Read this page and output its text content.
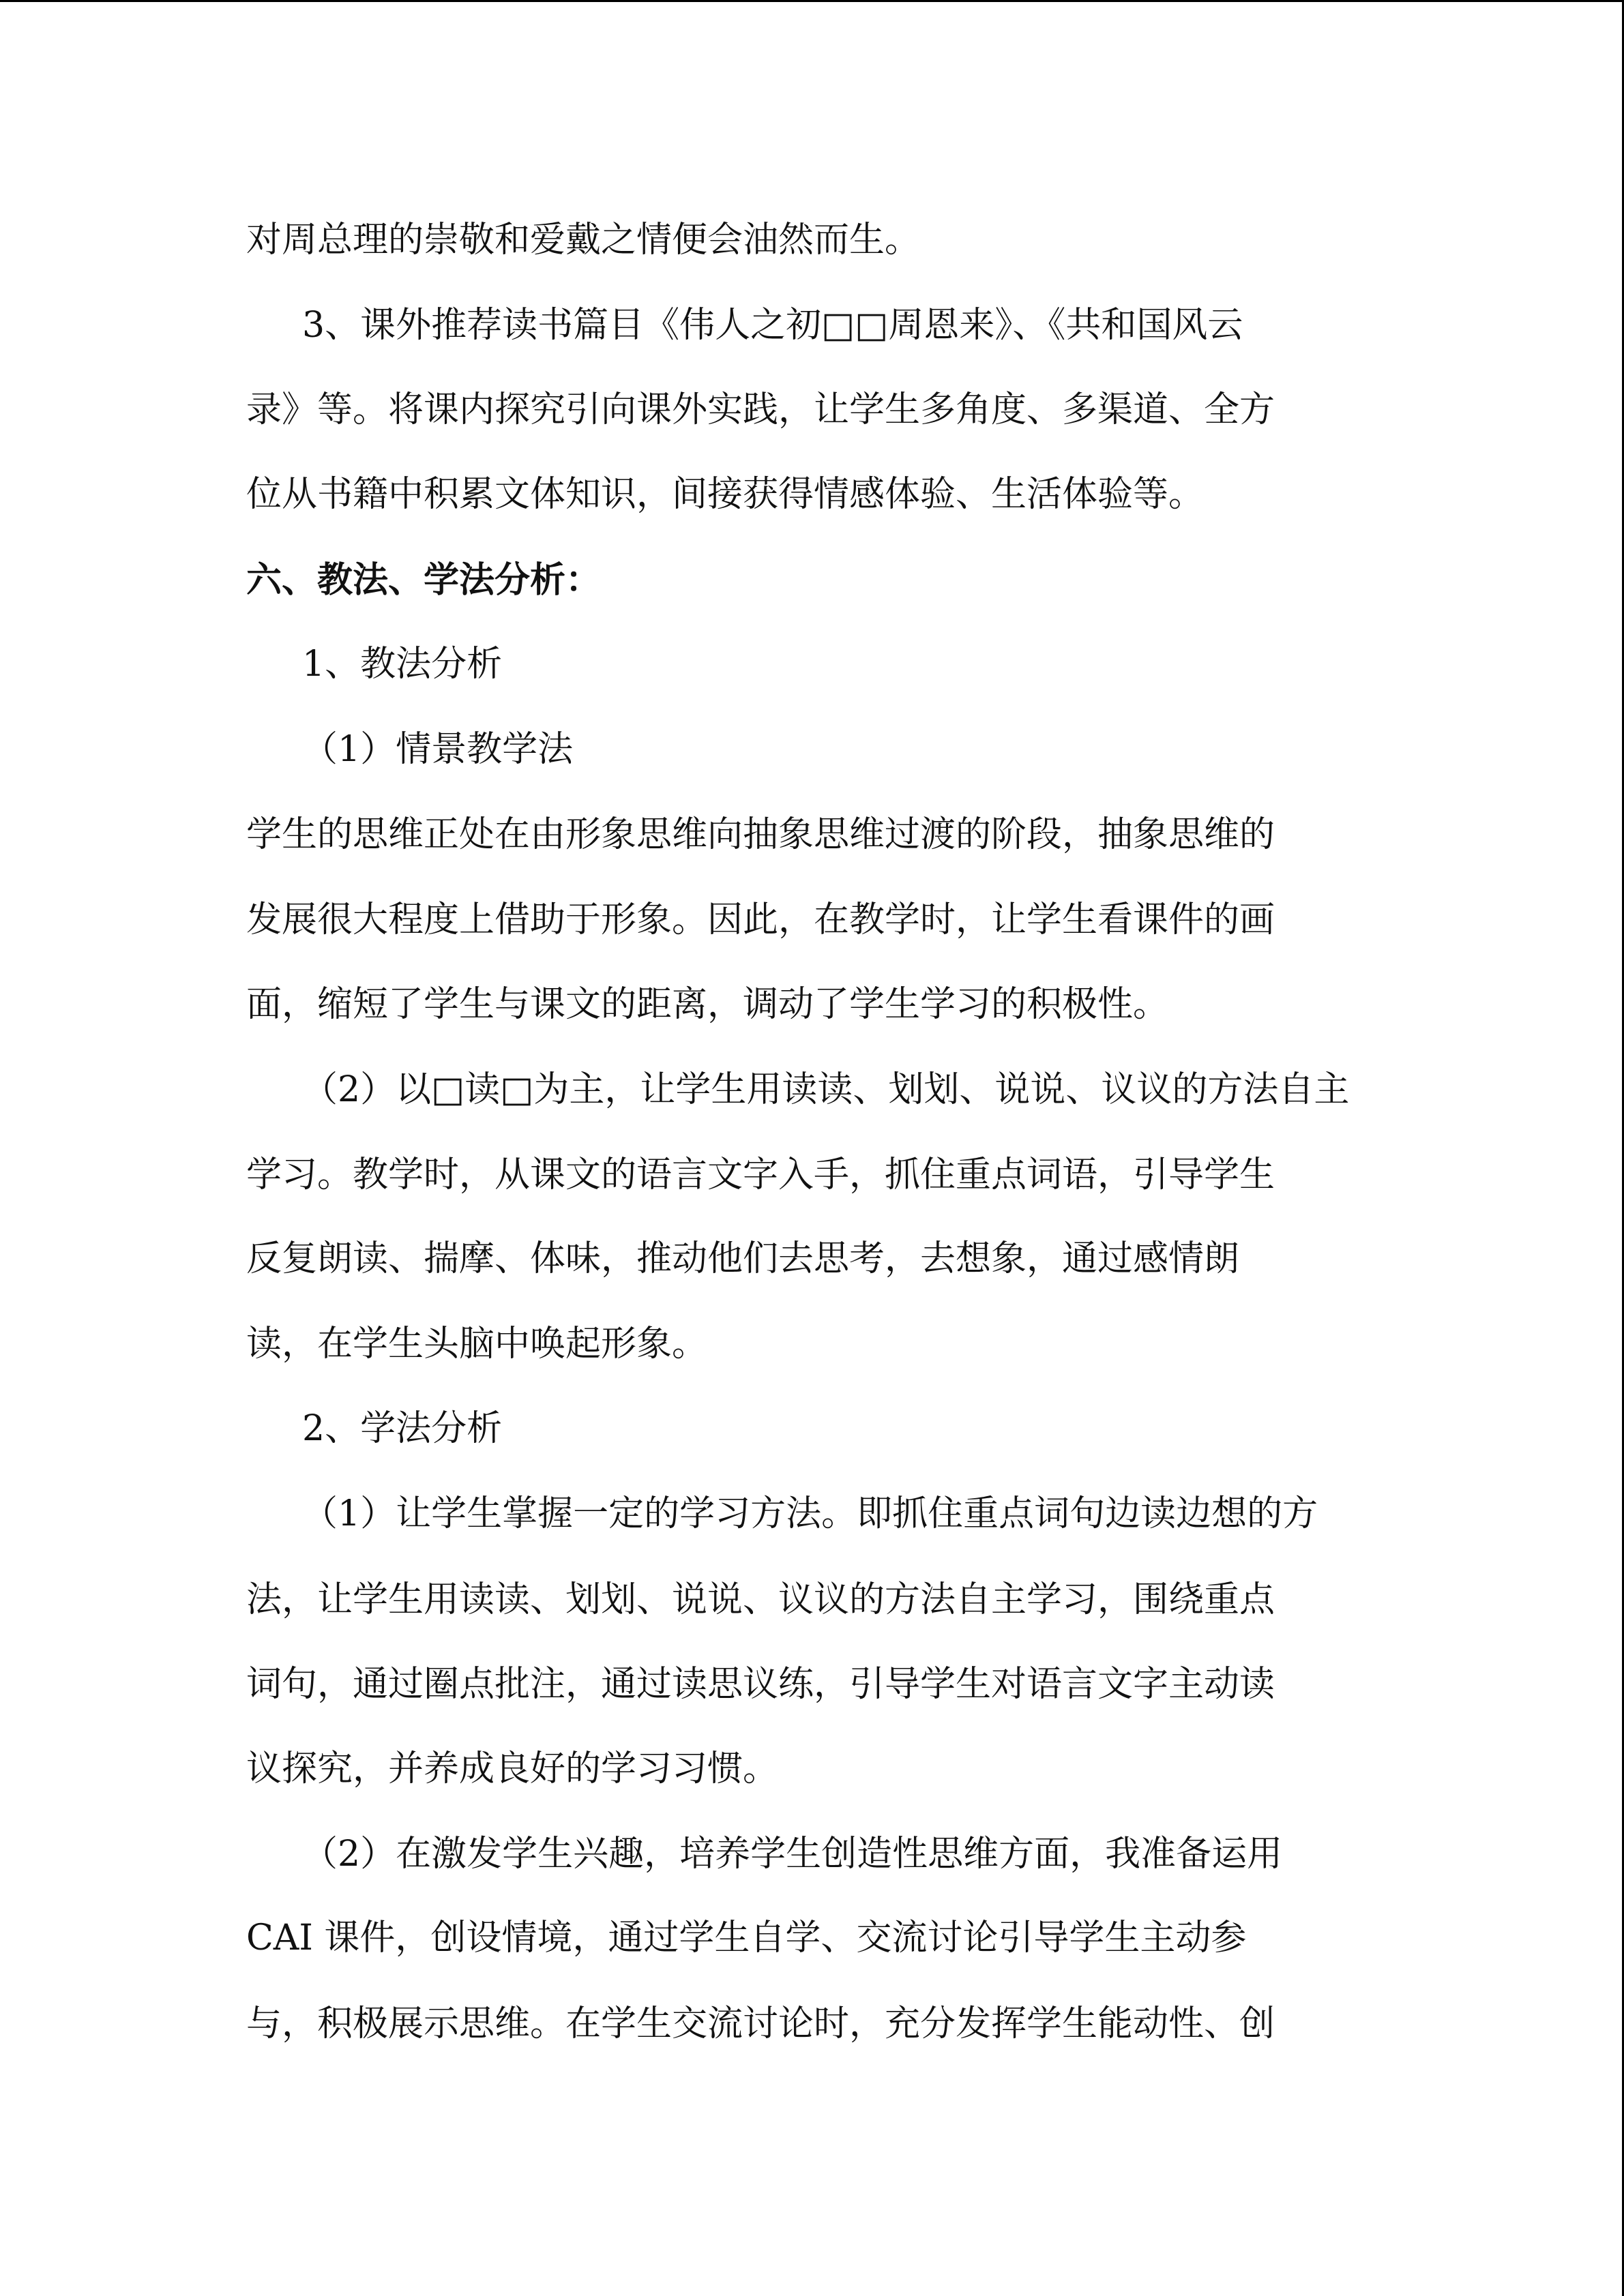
对周总理的崇敬和爱戴之情便会油然而生。
3、课外推荐读书篇目《伟人之初□□周恩来》、《共和国风云
录》等。将课内探究引向课外实践，让学生多角度、多渠道、全方
位从书籍中积累文体知识，间接获得情感体验、生活体验等。
六、教法、学法分析：
1、教法分析
（1）情景教学法
学生的思维正处在由形象思维向抽象思维过渡的阶段，抽象思维的
发展很大程度上借助于形象。因此，在教学时，让学生看课件的画
面，缩短了学生与课文的距离，调动了学生学习的积极性。
（2）以□读□为主，让学生用读读、划划、说说、议议的方法自主
学习。教学时，从课文的语言文字入手，抓住重点词语，引导学生
反复朗读、揣摩、体味，推动他们去思考，去想象，通过感情朗
读，在学生头脑中唤起形象。
2、学法分析
（1）让学生掌握一定的学习方法。即抓住重点词句边读边想的方
法，让学生用读读、划划、说说、议议的方法自主学习，围绕重点
词句，通过圈点批注，通过读思议练，引导学生对语言文字主动读
议探究，并养成良好的学习习惯。
（2）在激发学生兴趣，培养学生创造性思维方面，我准备运用
CAI 课件，创设情境，通过学生自学、交流讨论引导学生主动参
与，积极展示思维。在学生交流讨论时，充分发挥学生能动性、创
